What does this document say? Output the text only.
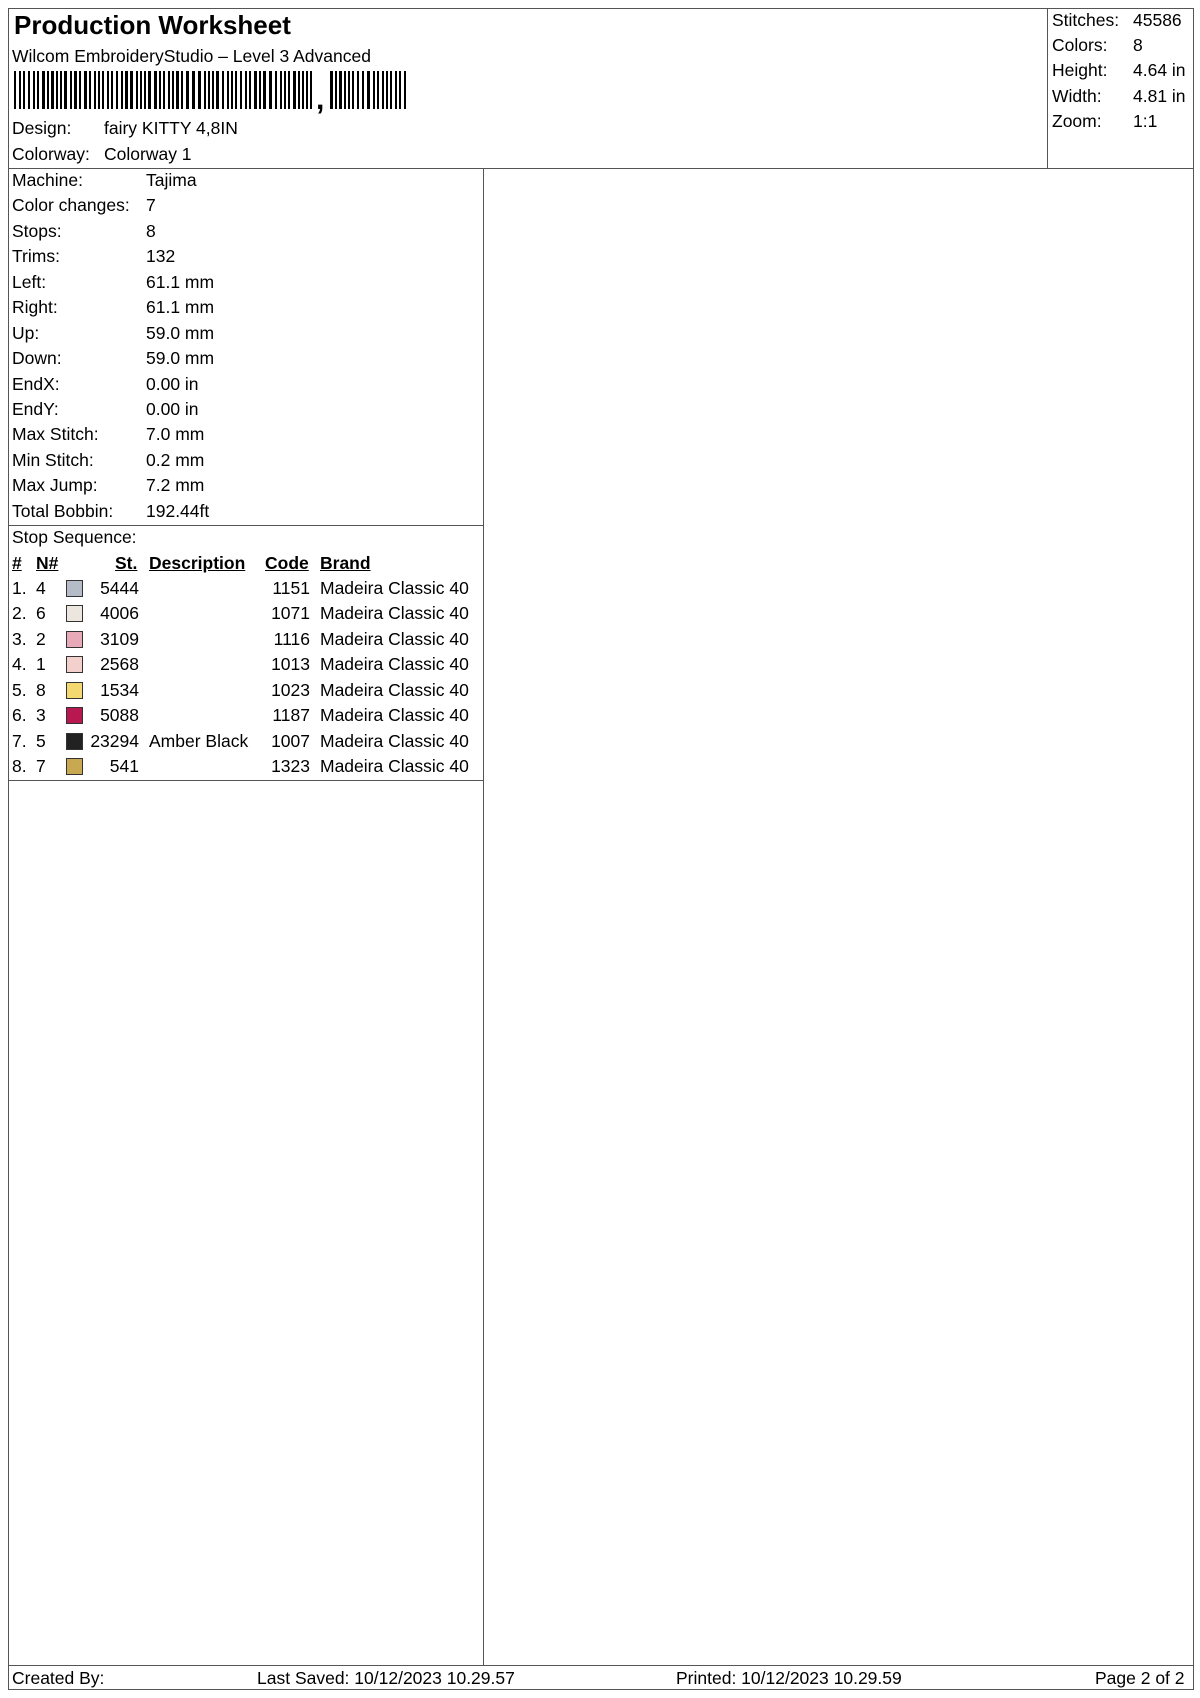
Production Worksheet
Wilcom EmbroideryStudio – Level 3 Advanced
,
Design: fairy KITTY 4,8IN
Colorway: Colorway 1
Stitches: 45586
Colors: 8
Height: 4.64 in
Width: 4.81 in
Zoom: 1:1
Machine:	Tajima
Color changes: 7
Stops:	8
Trims:	132
Left:	61.1 mm
Right:	61.1 mm
Up:	59.0 mm
Down:	59.0 mm
EndX:	0.00 in
EndY:	0.00 in
Max Stitch:	7.0 mm
Min Stitch:	0.2 mm
Max Jump:	7.2 mm
Total Bobbin: 192.44ft
Stop Sequence:
# N#	St. Description Code Brand
1. 4	5444	1151 Madeira Classic 40
2. 6	4006	1071 Madeira Classic 40
3. 2	3109	1116 Madeira Classic 40
4. 1	2568	1013 Madeira Classic 40
5. 8	1534	1023 Madeira Classic 40
6. 3	5088	1187 Madeira Classic 40
7. 5	23294 Amber Black 1007 Madeira Classic 40
8. 7	541	1323 Madeira Classic 40
Created By:	Last Saved: 10/12/2023 10.29.57	Printed: 10/12/2023 10.29.59	Page 2 of 2
